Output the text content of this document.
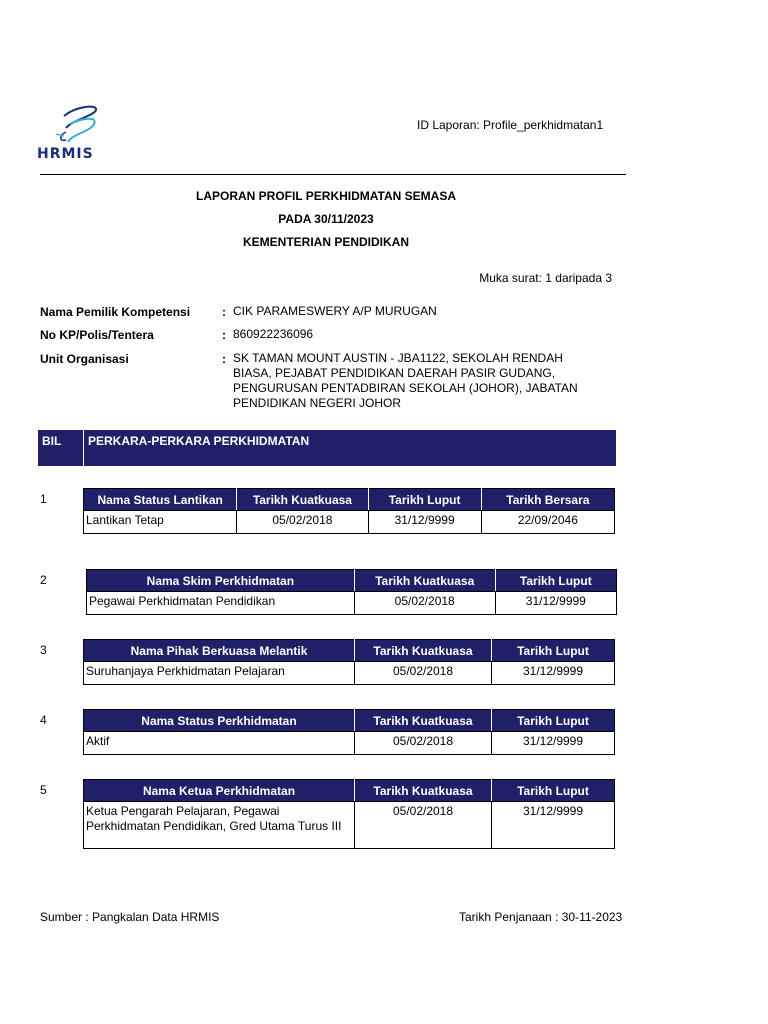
HRMIS
ID Laporan: Profile_perkhidmatan1
LAPORAN PROFIL PERKHIDMATAN SEMASA
PADA 30/11/2023
KEMENTERIAN PENDIDIKAN
Muka surat: 1 daripada 3
Nama Pemilik Kompetensi	: CIK PARAMESWERY A/P MURUGAN
No KP/Polis/Tentera	: 860922236096
Unit Organisasi	: SK TAMAN MOUNT AUSTIN - JBA1122, SEKOLAH RENDAH
BIASA, PEJABAT PENDIDIKAN DAERAH PASIR GUDANG,
PENGURUSAN PENTADBIRAN SEKOLAH (JOHOR), JABATAN
PENDIDIKAN NEGERI JOHOR
BIL PERKARA-PERKARA PERKHIDMATAN
1	Nama Status Lantikan	Tarikh Kuatkuasa	Tarikh Luput	Tarikh Bersara
Lantikan Tetap	05/02/2018	31/12/9999	22/09/2046
2	Nama Skim Perkhidmatan	Tarikh Kuatkuasa	Tarikh Luput
Pegawai Perkhidmatan Pendidikan	05/02/2018	31/12/9999
3	Nama Pihak Berkuasa Melantik	Tarikh Kuatkuasa	Tarikh Luput
Suruhanjaya Perkhidmatan Pelajaran	05/02/2018	31/12/9999
4	Nama Status Perkhidmatan	Tarikh Kuatkuasa	Tarikh Luput
Aktif	05/02/2018	31/12/9999
5	Nama Ketua Perkhidmatan	Tarikh Kuatkuasa	Tarikh Luput
Ketua Pengarah Pelajaran, Pegawai Perkhidmatan Pendidikan, Gred Utama Turus III	05/02/2018	31/12/9999
Sumber : Pangkalan Data HRMIS	Tarikh Penjanaan : 30-11-2023
